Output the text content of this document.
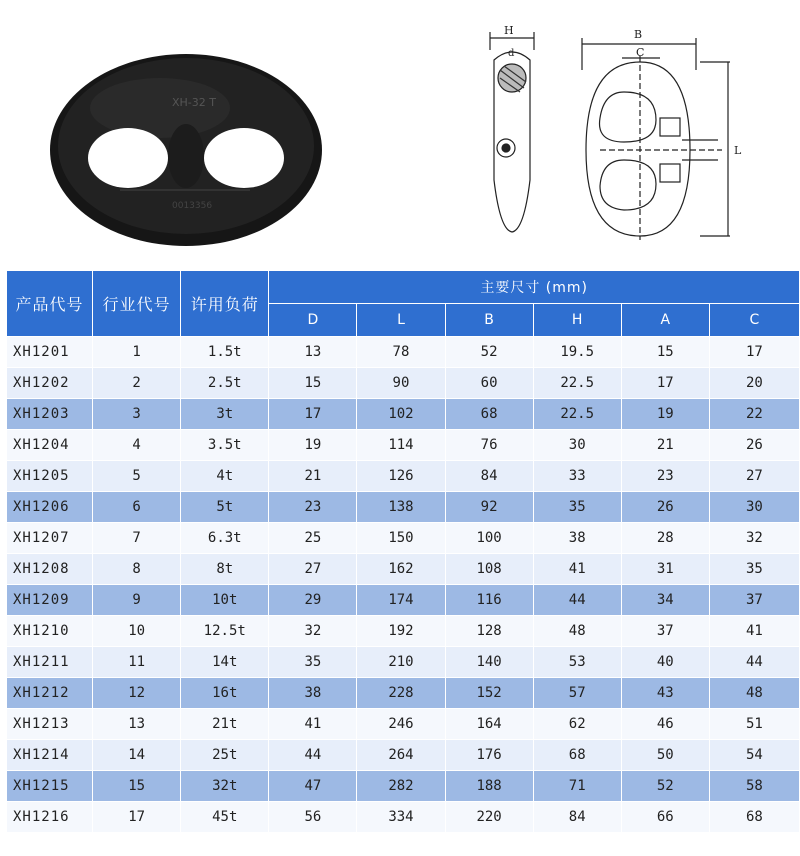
XH-32 T
0013356
H
d
B
C
L
产品代号	行业代号	许用负荷	主要尺寸 (mm)					
			D	L	B	H	A	C
XH1201	1	1.5t	13	78	52	19.5	15	17
XH1202	2	2.5t	15	90	60	22.5	17	20
XH1203	3	3t	17	102	68	22.5	19	22
XH1204	4	3.5t	19	114	76	30	21	26
XH1205	5	4t	21	126	84	33	23	27
XH1206	6	5t	23	138	92	35	26	30
XH1207	7	6.3t	25	150	100	38	28	32
XH1208	8	8t	27	162	108	41	31	35
XH1209	9	10t	29	174	116	44	34	37
XH1210	10	12.5t	32	192	128	48	37	41
XH1211	11	14t	35	210	140	53	40	44
XH1212	12	16t	38	228	152	57	43	48
XH1213	13	21t	41	246	164	62	46	51
XH1214	14	25t	44	264	176	68	50	54
XH1215	15	32t	47	282	188	71	52	58
XH1216	17	45t	56	334	220	84	66	68
